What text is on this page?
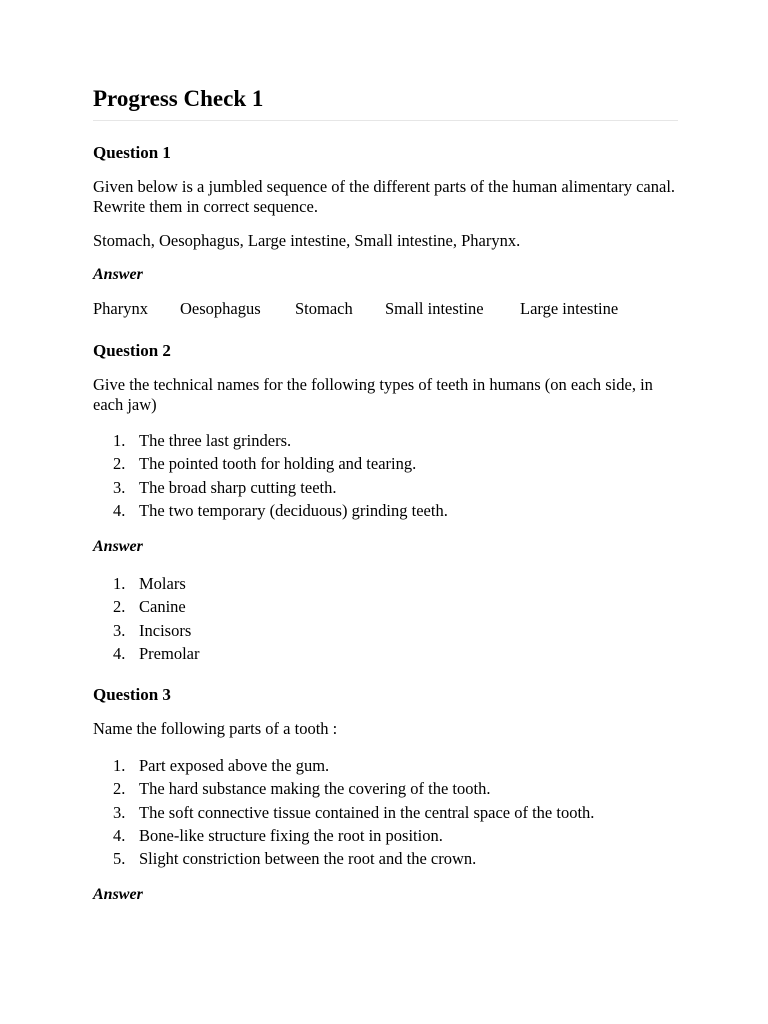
Progress Check 1
Question 1

Given below is a jumbled sequence of the different parts of the human alimentary canal. Rewrite them in correct sequence.

Stomach, Oesophagus, Large intestine, Small intestine, Pharynx.

Answer

Pharynx Oesophagus Stomach Small intestine Large intestine
Question 2

Give the technical names for the following types of teeth in humans (on each side, in each jaw)

1. The three last grinders.
2. The pointed tooth for holding and tearing.
3. The broad sharp cutting teeth.
4. The two temporary (deciduous) grinding teeth.

Answer

1. Molars
2. Canine
3. Incisors
4. Premolar
Question 3

Name the following parts of a tooth :

1. Part exposed above the gum.
2. The hard substance making the covering of the tooth.
3. The soft connective tissue contained in the central space of the tooth.
4. Bone-like structure fixing the root in position.
5. Slight constriction between the root and the crown.

Answer
